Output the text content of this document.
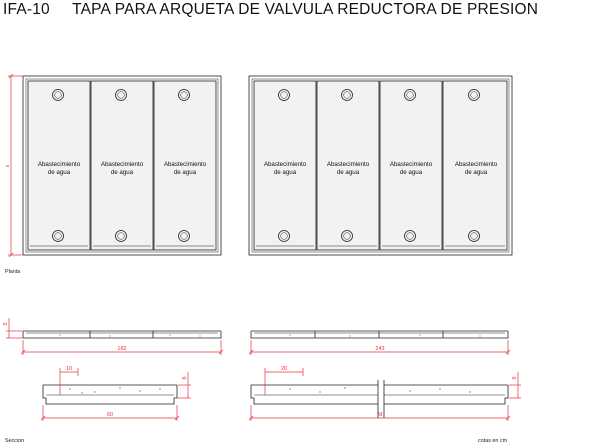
IFA-10     TAPA PARA ARQUETA DE VALVULA REDUCTORA DE PRESION
Abastecimiento
de agua
Abastecimiento
de agua
Abastecimiento
de agua
x	Abastecimiento
de agua
Abastecimiento
de agua
Abastecimiento
de agua
Abastecimiento
de agua
Planta
5
182	243
10
6
60
20
6
M
Seccion	cotas en cm
